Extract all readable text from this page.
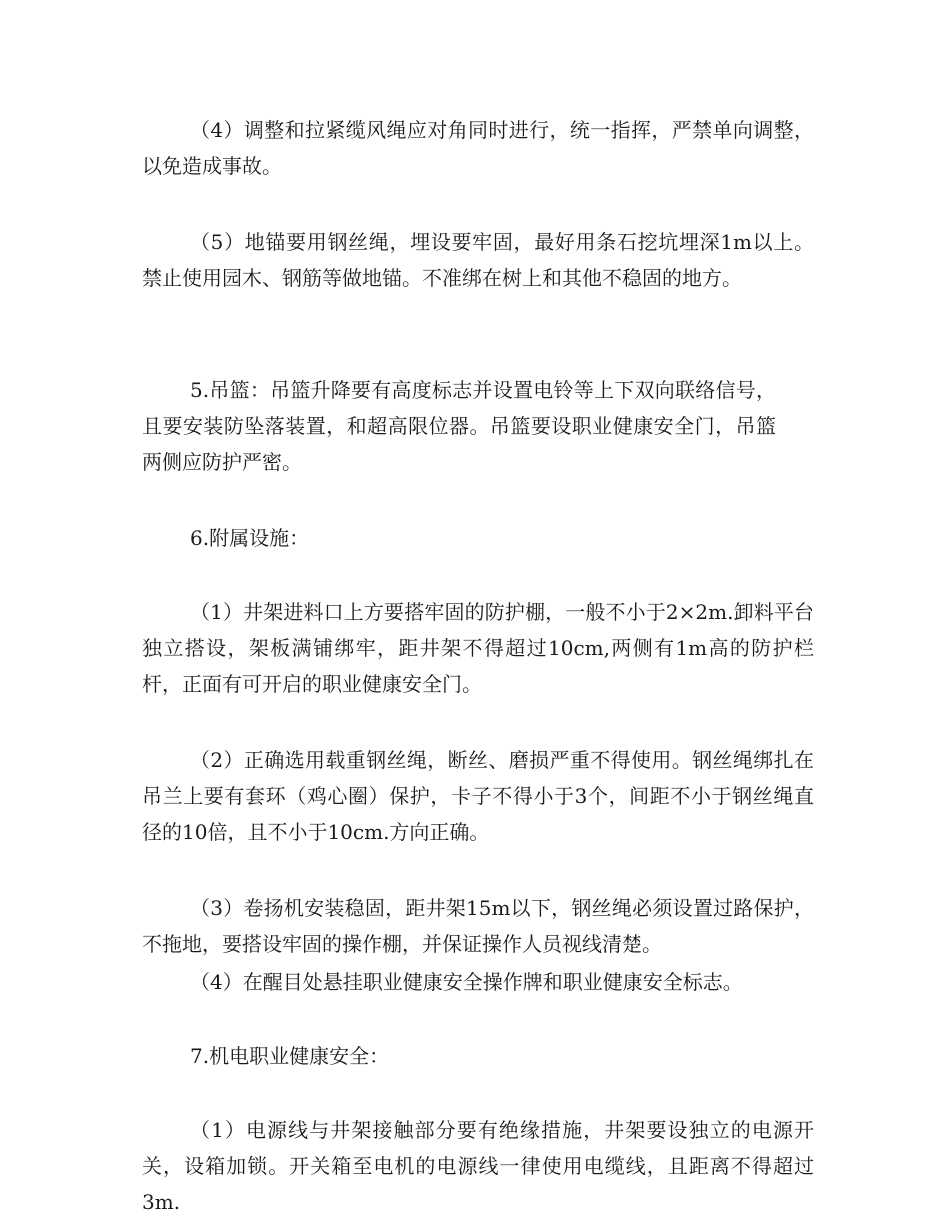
（4）调整和拉紧缆风绳应对角同时进行，统一指挥，严禁单向调整，以免造成事故。

（5）地锚要用钢丝绳，埋设要牢固，最好用条石挖坑埋深1m以上。禁止使用园木、钢筋等做地锚。不准绑在树上和其他不稳固的地方。

5.吊篮：吊篮升降要有高度标志并设置电铃等上下双向联络信号，且要安装防坠落装置，和超高限位器。吊篮要设职业健康安全门，吊篮两侧应防护严密。

6.附属设施：

（1）井架进料口上方要搭牢固的防护棚，一般不小于2×2m.卸料平台独立搭设，架板满铺绑牢，距井架不得超过10cm,两侧有1m高的防护栏杆，正面有可开启的职业健康安全门。

（2）正确选用载重钢丝绳，断丝、磨损严重不得使用。钢丝绳绑扎在吊兰上要有套环（鸡心圈）保护，卡子不得小于3个，间距不小于钢丝绳直径的10倍，且不小于10cm.方向正确。

（3）卷扬机安装稳固，距井架15m以下，钢丝绳必须设置过路保护，不拖地，要搭设牢固的操作棚，并保证操作人员视线清楚。

（4）在醒目处悬挂职业健康安全操作牌和职业健康安全标志。

7.机电职业健康安全：

（1）电源线与井架接触部分要有绝缘措施，井架要设独立的电源开关，设箱加锁。开关箱至电机的电源线一律使用电缆线，且距离不得超过3m.
